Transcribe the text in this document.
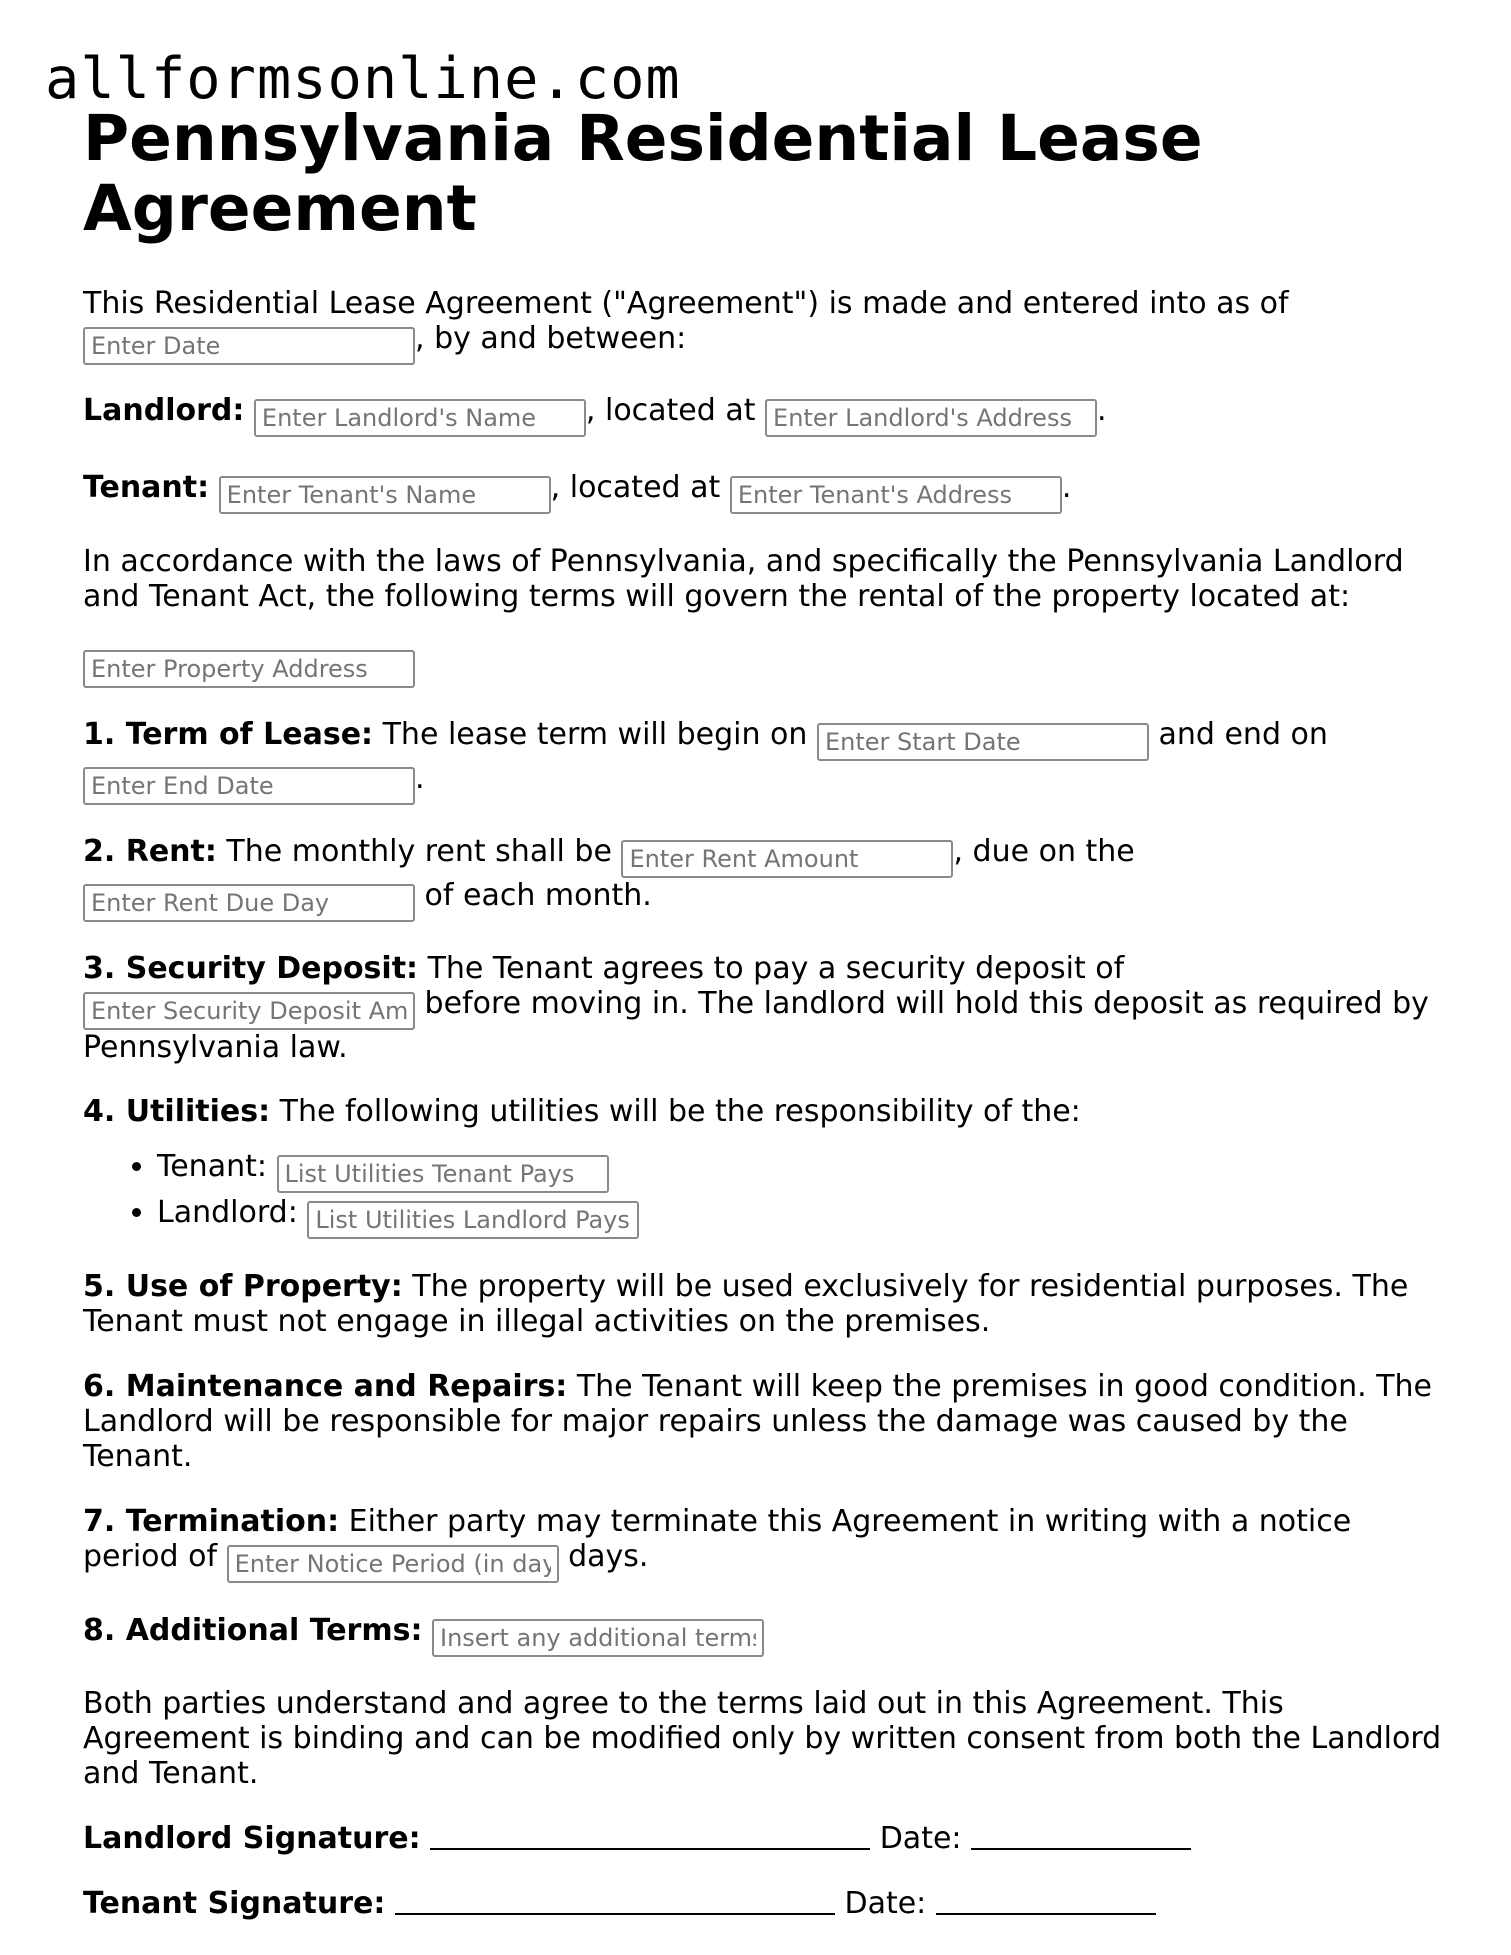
allformsonline.com
Pennsylvania Residential Lease Agreement

This Residential Lease Agreement ("Agreement") is made and entered into as of
Enter Date, by and between:

Landlord: Enter Landlord's Name	, located at Enter Landlord's Address	.

Tenant: Enter Tenant's Name	, located at Enter Tenant's Address	.

In accordance with the laws of Pennsylvania, and specifically the Pennsylvania Landlord and Tenant Act, the following terms will govern the rental of the property located at:

Enter Property Address

1. Term of Lease: The lease term will begin on Enter Start Date	and end on
Enter End Date.

2. Rent: The monthly rent shall be Enter Rent Amount	, due on the
Enter Rent Due Day of each month.

3. Security Deposit: The Tenant agrees to pay a security deposit of
Enter Security Deposit Amount before moving in. The landlord will hold this deposit as required by Pennsylvania law.

4. Utilities: The following utilities will be the responsibility of the:

• Tenant: List Utilities Tenant Pays
• Landlord: List Utilities Landlord Pays

5. Use of Property: The property will be used exclusively for residential purposes. The Tenant must not engage in illegal activities on the premises.

6. Maintenance and Repairs: The Tenant will keep the premises in good condition. The Landlord will be responsible for major repairs unless the damage was caused by the Tenant.

7. Termination: Either party may terminate this Agreement in writing with a notice period of Enter Notice Period (in days)	days.

8. Additional Terms: Insert any additional terms

Both parties understand and agree to the terms laid out in this Agreement. This Agreement is binding and can be modified only by written consent from both the Landlord and Tenant.

Landlord Signature:	Date:

Tenant Signature:	Date:
